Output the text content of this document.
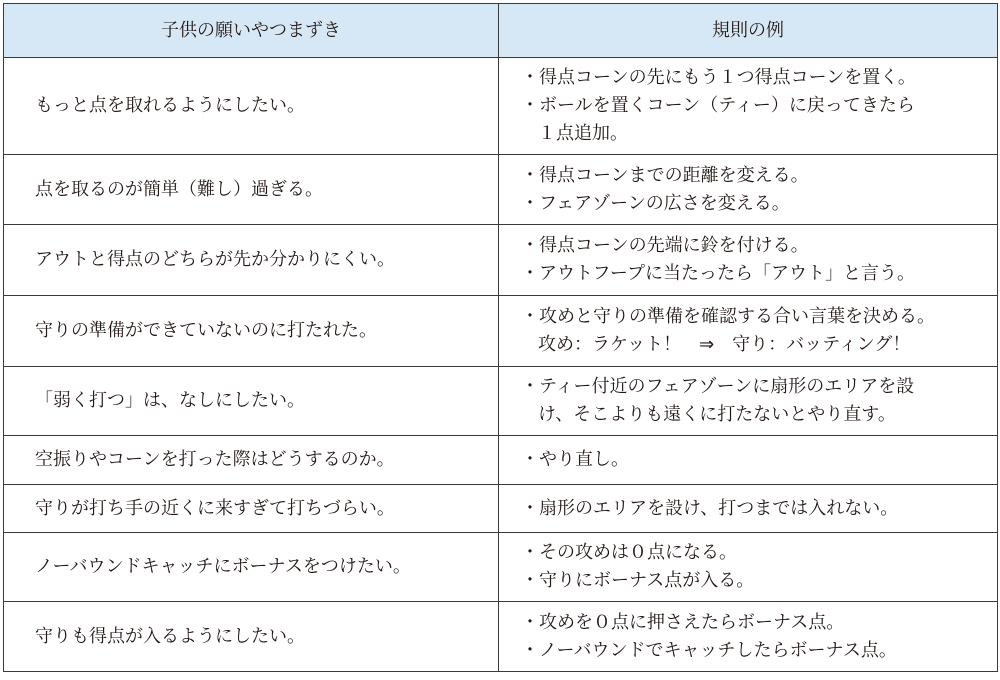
子供の願いやつまずき	規則の例
もっと点を取れるようにしたい。	・得点コーンの先にもう１つ得点コーンを置く。
・ボールを置くコーン（ティー）に戻ってきたら
１点追加。

点を取るのが簡単（難し）過ぎる。	・得点コーンまでの距離を変える。
・フェアゾーンの広さを変える。

アウトと得点のどちらが先か分かりにくい。	・得点コーンの先端に鈴を付ける。
・アウトフープに当たったら「アウト」と言う。

守りの準備ができていないのに打たれた。	・攻めと守りの準備を確認する合い言葉を決める。
攻め：ラケット！　⇒　守り：バッティング！

「弱く打つ」は、なしにしたい。	・ティー付近のフェアゾーンに扇形のエリアを設
け、そこよりも遠くに打たないとやり直す。

空振りやコーンを打った際はどうするのか。	・やり直し。

守りが打ち手の近くに来すぎて打ちづらい。	・扇形のエリアを設け、打つまでは入れない。

ノーバウンドキャッチにボーナスをつけたい。	・その攻めは０点になる。
・守りにボーナス点が入る。

守りも得点が入るようにしたい。	・攻めを０点に押さえたらボーナス点。
・ノーバウンドでキャッチしたらボーナス点。
